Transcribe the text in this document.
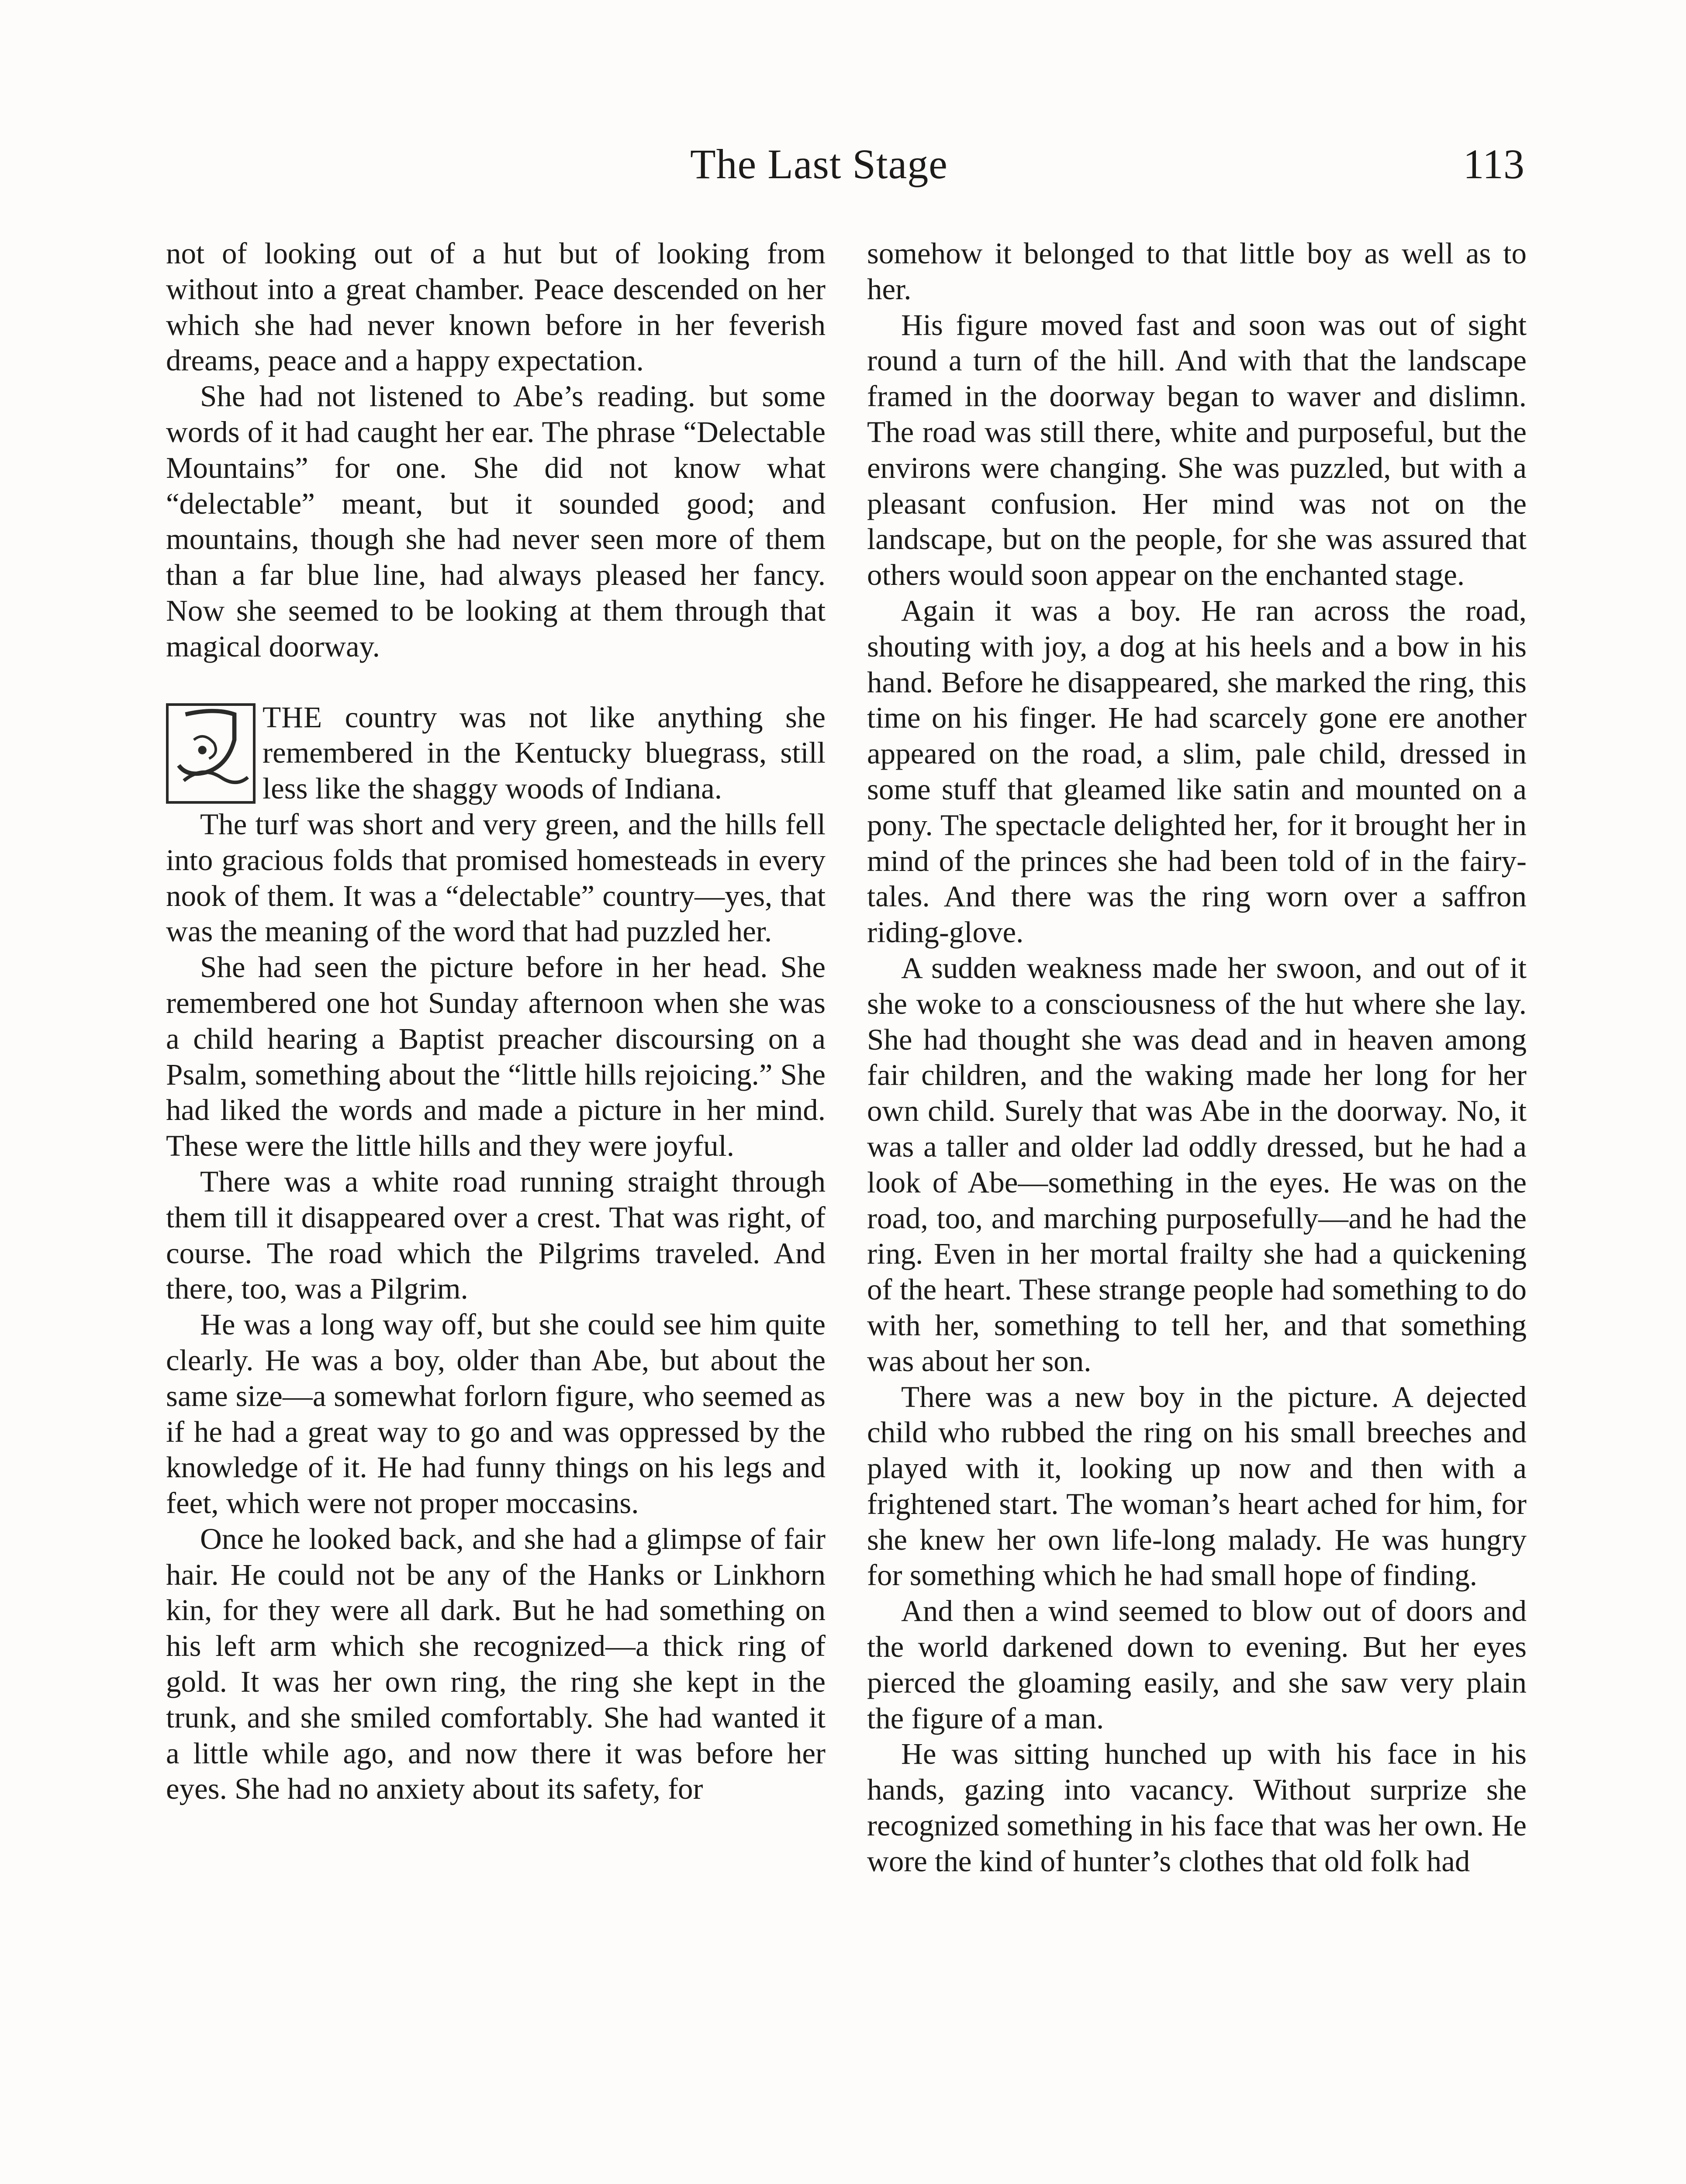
The Last Stage	113

not of looking out of a hut but of looking from without into a great chamber. Peace descended on her which she had never known before in her feverish dreams, peace and a happy expectation.

She had not listened to Abe’s reading. but some words of it had caught her ear. The phrase “Delectable Mountains” for one. She did not know what “delectable” meant, but it sounded good; and mountains, though she had never seen more of them than a far blue line, had always pleased her fancy. Now she seemed to be looking at them through that magical doorway.

THE country was not like anything she remembered in the Kentucky bluegrass, still less like the shaggy woods of Indiana.

The turf was short and very green, and the hills fell into gracious folds that promised homesteads in every nook of them. It was a “delectable” country—yes, that was the meaning of the word that had puzzled her.

She had seen the picture before in her head. She remembered one hot Sunday afternoon when she was a child hearing a Baptist preacher discoursing on a Psalm, something about the “little hills rejoicing.” She had liked the words and made a picture in her mind. These were the little hills and they were joyful.

There was a white road running straight through them till it disappeared over a crest. That was right, of course. The road which the Pilgrims traveled. And there, too, was a Pilgrim.

He was a long way off, but she could see him quite clearly. He was a boy, older than Abe, but about the same size—a somewhat forlorn figure, who seemed as if he had a great way to go and was oppressed by the knowledge of it. He had funny things on his legs and feet, which were not proper moccasins.

Once he looked back, and she had a glimpse of fair hair. He could not be any of the Hanks or Linkhorn kin, for they were all dark. But he had something on his left arm which she recognized—a thick ring of gold. It was her own ring, the ring she kept in the trunk, and she smiled comfortably. She had wanted it a little while ago, and now there it was before her eyes. She had no anxiety about its safety, for

somehow it belonged to that little boy as well as to her.

His figure moved fast and soon was out of sight round a turn of the hill. And with that the landscape framed in the doorway began to waver and dislimn. The road was still there, white and purposeful, but the environs were changing. She was puzzled, but with a pleasant confusion. Her mind was not on the landscape, but on the people, for she was assured that others would soon appear on the enchanted stage.

Again it was a boy. He ran across the road, shouting with joy, a dog at his heels and a bow in his hand. Before he disappeared, she marked the ring, this time on his finger. He had scarcely gone ere another appeared on the road, a slim, pale child, dressed in some stuff that gleamed like satin and mounted on a pony. The spectacle delighted her, for it brought her in mind of the princes she had been told of in the fairy-tales. And there was the ring worn over a saffron riding-glove.

A sudden weakness made her swoon, and out of it she woke to a consciousness of the hut where she lay. She had thought she was dead and in heaven among fair children, and the waking made her long for her own child. Surely that was Abe in the doorway. No, it was a taller and older lad oddly dressed, but he had a look of Abe—something in the eyes. He was on the road, too, and marching purposefully—and he had the ring. Even in her mortal frailty she had a quickening of the heart. These strange people had something to do with her, something to tell her, and that something was about her son.

There was a new boy in the picture. A dejected child who rubbed the ring on his small breeches and played with it, looking up now and then with a frightened start. The woman’s heart ached for him, for she knew her own life-long malady. He was hungry for something which he had small hope of finding.

And then a wind seemed to blow out of doors and the world darkened down to evening. But her eyes pierced the gloaming easily, and she saw very plain the figure of a man.

He was sitting hunched up with his face in his hands, gazing into vacancy. Without surprize she recognized something in his face that was her own. He wore the kind of hunter’s clothes that old folk had
